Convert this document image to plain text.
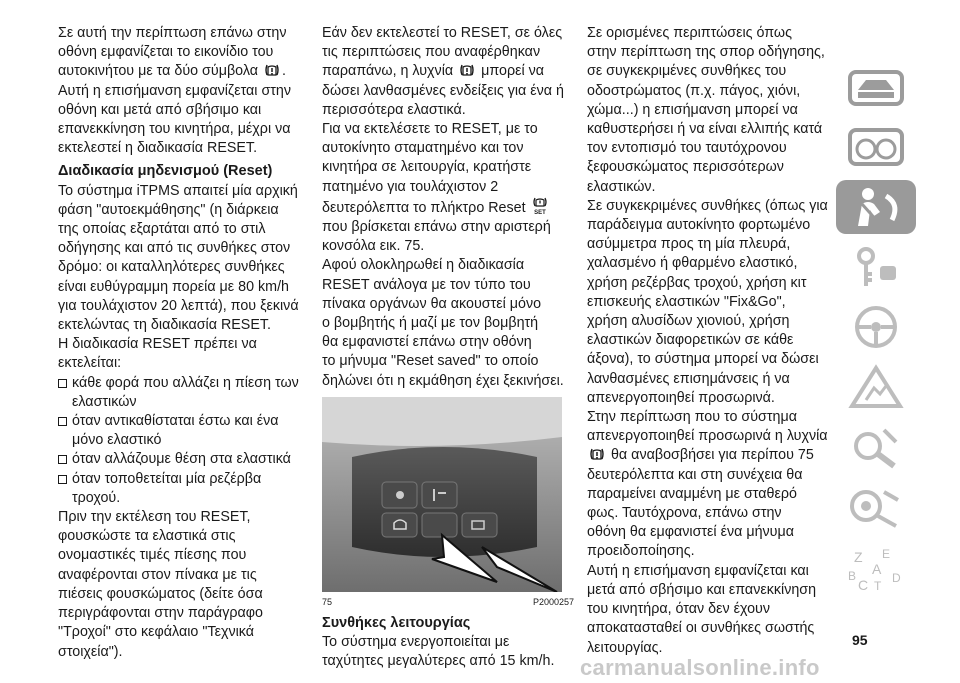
Σε αυτή την περίπτωση επάνω στην
οθόνη εμφανίζεται το εικονίδιο του
αυτοκινήτου με τα δύο σύμβολα .

Αυτή η επισήμανση εμφανίζεται στην
οθόνη και μετά από σβήσιμο και
επανεκκίνηση του κινητήρα, μέχρι να
εκτελεστεί η διαδικασία RESET.

Διαδικασία μηδενισμού (Reset)

Το σύστημα iTPMS απαιτεί μία αρχική
φάση "αυτοεκμάθησης" (η διάρκεια
της οποίας εξαρτάται από το στιλ
οδήγησης και από τις συνθήκες στον
δρόμο: οι καταλληλότερες συνθήκες
είναι ευθύγραμμη πορεία με 80 km/h
για τουλάχιστον 20 λεπτά), που ξεκινά
εκτελώντας τη διαδικασία RESET.

Η διαδικασία RESET πρέπει να
εκτελείται:

κάθε φορά που αλλάζει η πίεση των
ελαστικών
όταν αντικαθίσταται έστω και ένα
μόνο ελαστικό
όταν αλλάζουμε θέση στα ελαστικά
όταν τοποθετείται μία ρεζέρβα
τροχού.

Πριν την εκτέλεση του RESET,
φουσκώστε τα ελαστικά στις
ονομαστικές τιμές πίεσης που
αναφέρονται στον πίνακα με τις
πιέσεις φουσκώματος (δείτε όσα
περιγράφονται στην παράγραφο
"Τροχοί" στο κεφάλαιο "Τεχνικά
στοιχεία").

Εάν δεν εκτελεστεί το RESET, σε όλες
τις περιπτώσεις που αναφέρθηκαν
παραπάνω, η λυχνία μπορεί να
δώσει λανθασμένες ενδείξεις για ένα ή
περισσότερα ελαστικά.

Για να εκτελέσετε το RESET, με το
αυτοκίνητο σταματημένο και τον
κινητήρα σε λειτουργία, κρατήστε
πατημένο για τουλάχιστον 2
δευτερόλεπτα το πλήκτρο Reset SET

που βρίσκεται επάνω στην αριστερή
κονσόλα εικ. 75.

Αφού ολοκληρωθεί η διαδικασία
RESET ανάλογα με τον τύπο του
πίνακα οργάνων θα ακουστεί μόνο
ο βομβητής ή μαζί με τον βομβητή
θα εμφανιστεί επάνω στην οθόνη
το μήνυμα "Reset saved" το οποίο
δηλώνει ότι η εκμάθηση έχει ξεκινήσει.

75	P2000257
Συνθήκες λειτουργίας

Το σύστημα ενεργοποιείται με
ταχύτητες μεγαλύτερες από 15 km/h.

Σε ορισμένες περιπτώσεις όπως
στην περίπτωση της σπορ οδήγησης,
σε συγκεκριμένες συνθήκες του
οδοστρώματος (π.χ. πάγος, χιόνι,
χώμα...) η επισήμανση μπορεί να
καθυστερήσει ή να είναι ελλιπής κατά
τον εντοπισμό του ταυτόχρονου
ξεφουσκώματος περισσότερων
ελαστικών.

Σε συγκεκριμένες συνθήκες (όπως για
παράδειγμα αυτοκίνητο φορτωμένο
ασύμμετρα προς τη μία πλευρά,
χαλασμένο ή φθαρμένο ελαστικό,
χρήση ρεζέρβας τροχού, χρήση κιτ
επισκευής ελαστικών "Fix&Go",
χρήση αλυσίδων χιονιού, χρήση
ελαστικών διαφορετικών σε κάθε
άξονα), το σύστημα μπορεί να δώσει
λανθασμένες επισημάνσεις ή να
απενεργοποιηθεί προσωρινά.

Στην περίπτωση που το σύστημα
απενεργοποιηθεί προσωρινά η λυχνία
θα αναβοσβήσει για περίπου 75
δευτερόλεπτα και στη συνέχεια θα
παραμείνει αναμμένη με σταθερό
φως. Ταυτόχρονα, επάνω στην
οθόνη θα εμφανιστεί ένα μήνυμα
προειδοποίησης.

Αυτή η επισήμανση εμφανίζεται και
μετά από σβήσιμο και επανεκκίνηση
του κινητήρα, όταν δεν έχουν
αποκατασταθεί οι συνθήκες σωστής
λειτουργίας.

Z E
A
B
C T
D
95
carmanualsonline.info
